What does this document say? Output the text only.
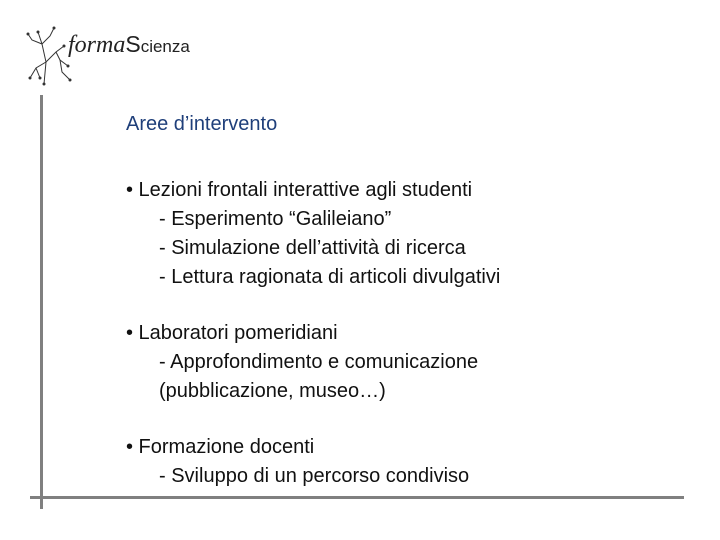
formaScienza
Aree d’intervento
• Lezioni frontali interattive agli studenti
- Esperimento “Galileiano”
- Simulazione dell’attività di ricerca
- Lettura ragionata di articoli divulgativi
• Laboratori pomeridiani
- Approfondimento e comunicazione
(pubblicazione, museo…)
• Formazione docenti
- Sviluppo di un percorso condiviso
